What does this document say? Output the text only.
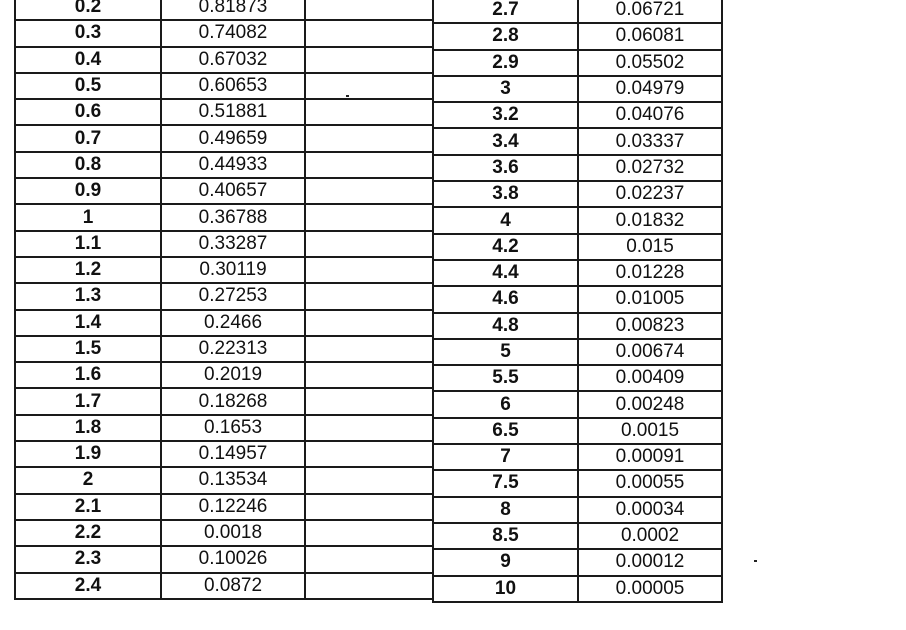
0.2	0.81873	
0.3	0.74082	
0.4	0.67032	
0.5	0.60653	
0.6	0.51881	
0.7	0.49659	
0.8	0.44933	
0.9	0.40657	
1	0.36788	
1.1	0.33287	
1.2	0.30119	
1.3	0.27253	
1.4	0.2466	
1.5	0.22313	
1.6	0.2019	
1.7	0.18268	
1.8	0.1653	
1.9	0.14957	
2	0.13534	
2.1	0.12246	
2.2	0.0018	
2.3	0.10026	
2.4	0.0872	
2.7	0.06721
2.8	0.06081
2.9	0.05502
3	0.04979
3.2	0.04076
3.4	0.03337
3.6	0.02732
3.8	0.02237
4	0.01832
4.2	0.015
4.4	0.01228
4.6	0.01005
4.8	0.00823
5	0.00674
5.5	0.00409
6	0.00248
6.5	0.0015
7	0.00091
7.5	0.00055
8	0.00034
8.5	0.0002
9	0.00012
10	0.00005
